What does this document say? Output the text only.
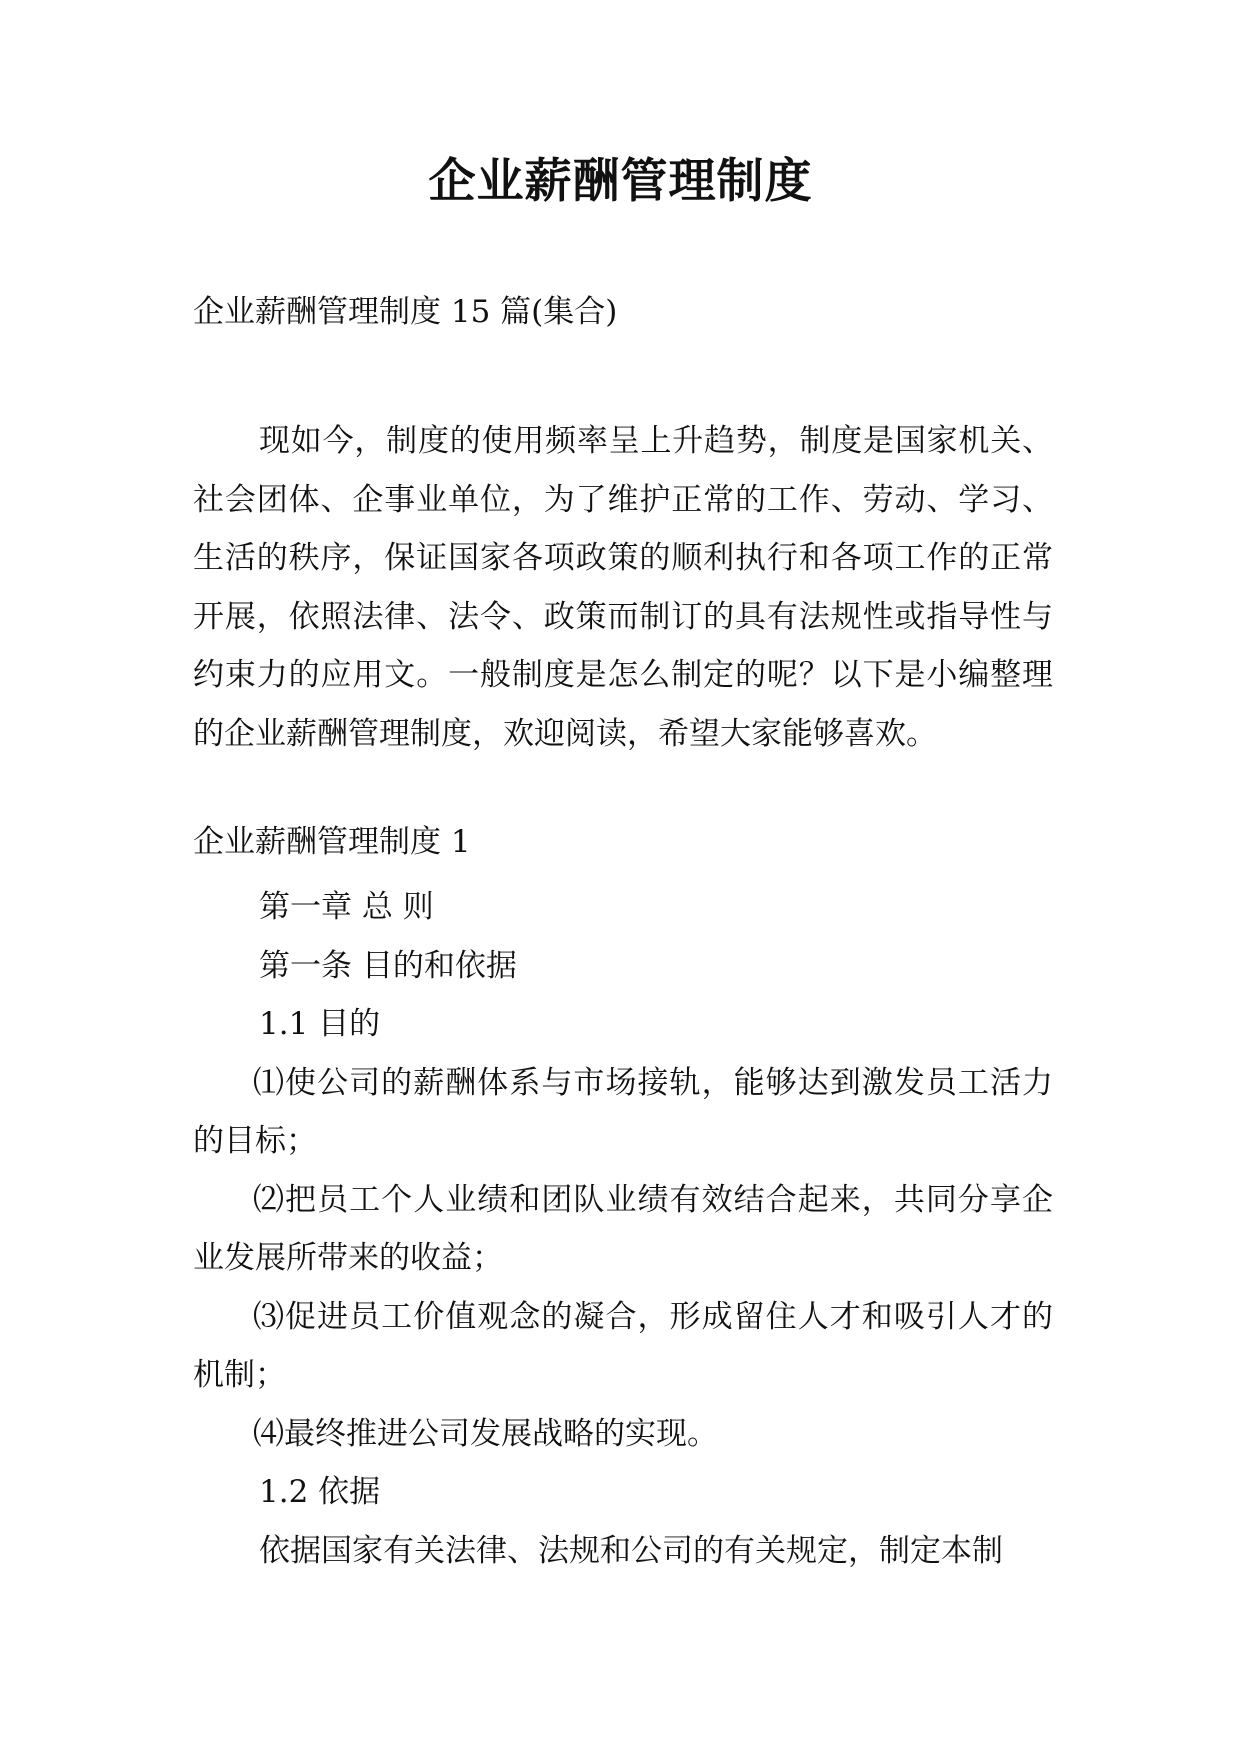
企业薪酬管理制度
企业薪酬管理制度 15 篇(集合)

现如今，制度的使用频率呈上升趋势，制度是国家机关、社会团体、企事业单位，为了维护正常的工作、劳动、学习、生活的秩序，保证国家各项政策的顺利执行和各项工作的正常开展，依照法律、法令、政策而制订的具有法规性或指导性与约束力的应用文。一般制度是怎么制定的呢？以下是小编整理的企业薪酬管理制度，欢迎阅读，希望大家能够喜欢。

企业薪酬管理制度 1

第一章 总 则

第一条 目的和依据

1.1 目的

⑴使公司的薪酬体系与市场接轨，能够达到激发员工活力的目标；

⑵把员工个人业绩和团队业绩有效结合起来，共同分享企业发展所带来的收益；

⑶促进员工价值观念的凝合，形成留住人才和吸引人才的机制；

⑷最终推进公司发展战略的实现。

1.2 依据

依据国家有关法律、法规和公司的有关规定，制定本制
